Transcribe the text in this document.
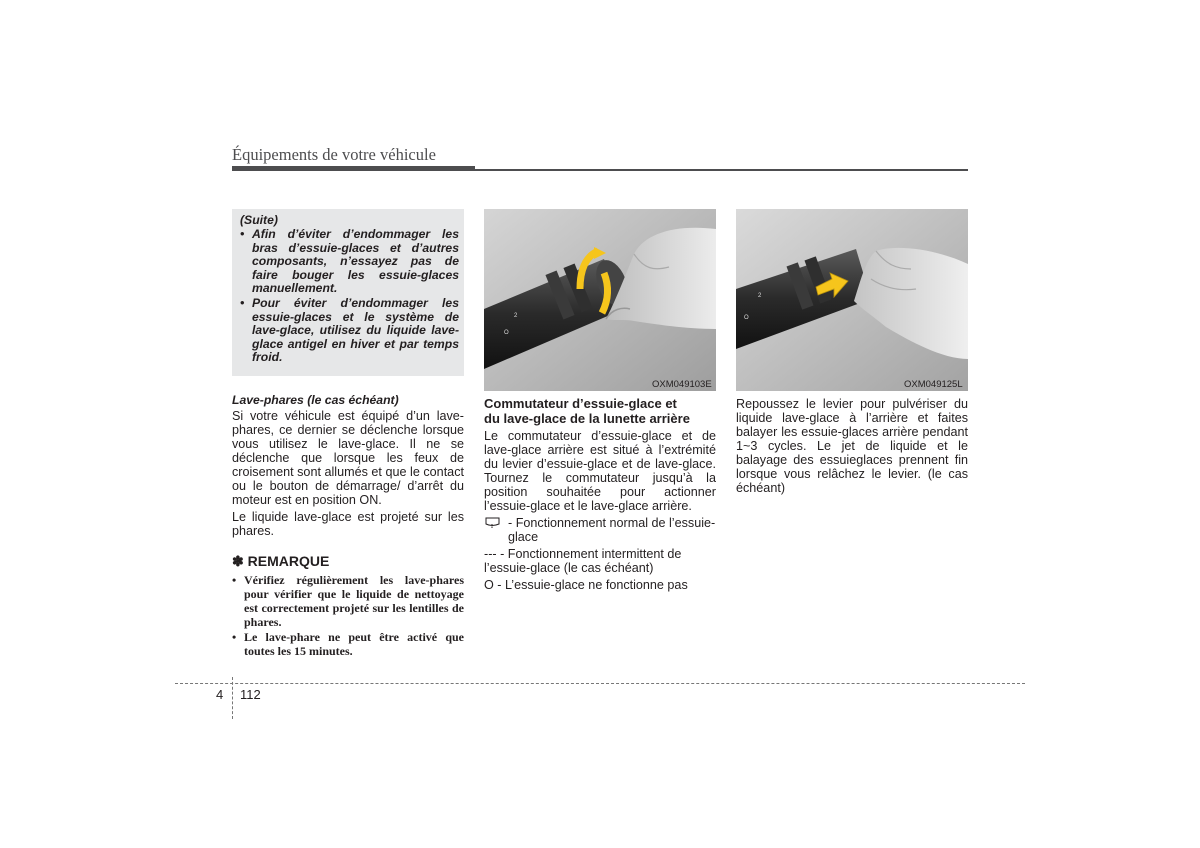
Équipements de votre véhicule
(Suite)
• Afin d’éviter d’endommager les bras d’essuie-glaces et d’autres composants, n’essayez pas de faire bouger les essuie-glaces manuellement.
• Pour éviter d’endommager les essuie-glaces et le système de lave-glace, utilisez du liquide lave-glace antigel en hiver et par temps froid.

Lave-phares (le cas échéant)

Si votre véhicule est équipé d’un lave-phares, ce dernier se déclenche lorsque vous utilisez le lave-glace. Il ne se déclenche que lorsque les feux de croisement sont allumés et que le contact ou le bouton de démarrage/ d’arrêt du moteur est en position ON.

Le liquide lave-glace est projeté sur les phares.

✽ REMARQUE
• Vérifiez régulièrement les lave-phares pour vérifier que le liquide de nettoyage est correctement projeté sur les lentilles de phares.
• Le lave-phare ne peut être activé que toutes les 15 minutes.
O
2
OXM049103E

Commutateur d’essuie-glace et

du lave-glace de la lunette arrière

Le commutateur d’essuie-glace et de lave-glace arrière est situé à l’extrémité du levier d’essuie-glace et de lave-glace. Tournez le commutateur jusqu’à la position souhaitée pour actionner l’essuie-glace et le lave-glace arrière.

- Fonctionnement normal de l’essuie-glace
--- - Fonctionnement intermittent de l’essuie-glace (le cas échéant)
O - L’essuie-glace ne fonctionne pas
O
2
OXM049125L

Repoussez le levier pour pulvériser du liquide lave-glace à l’arrière et faites balayer les essuie-glaces arrière pendant 1~3 cycles. Le jet de liquide et le balayage des essuieglaces prennent fin lorsque vous relâchez le levier. (le cas échéant)

4 112
